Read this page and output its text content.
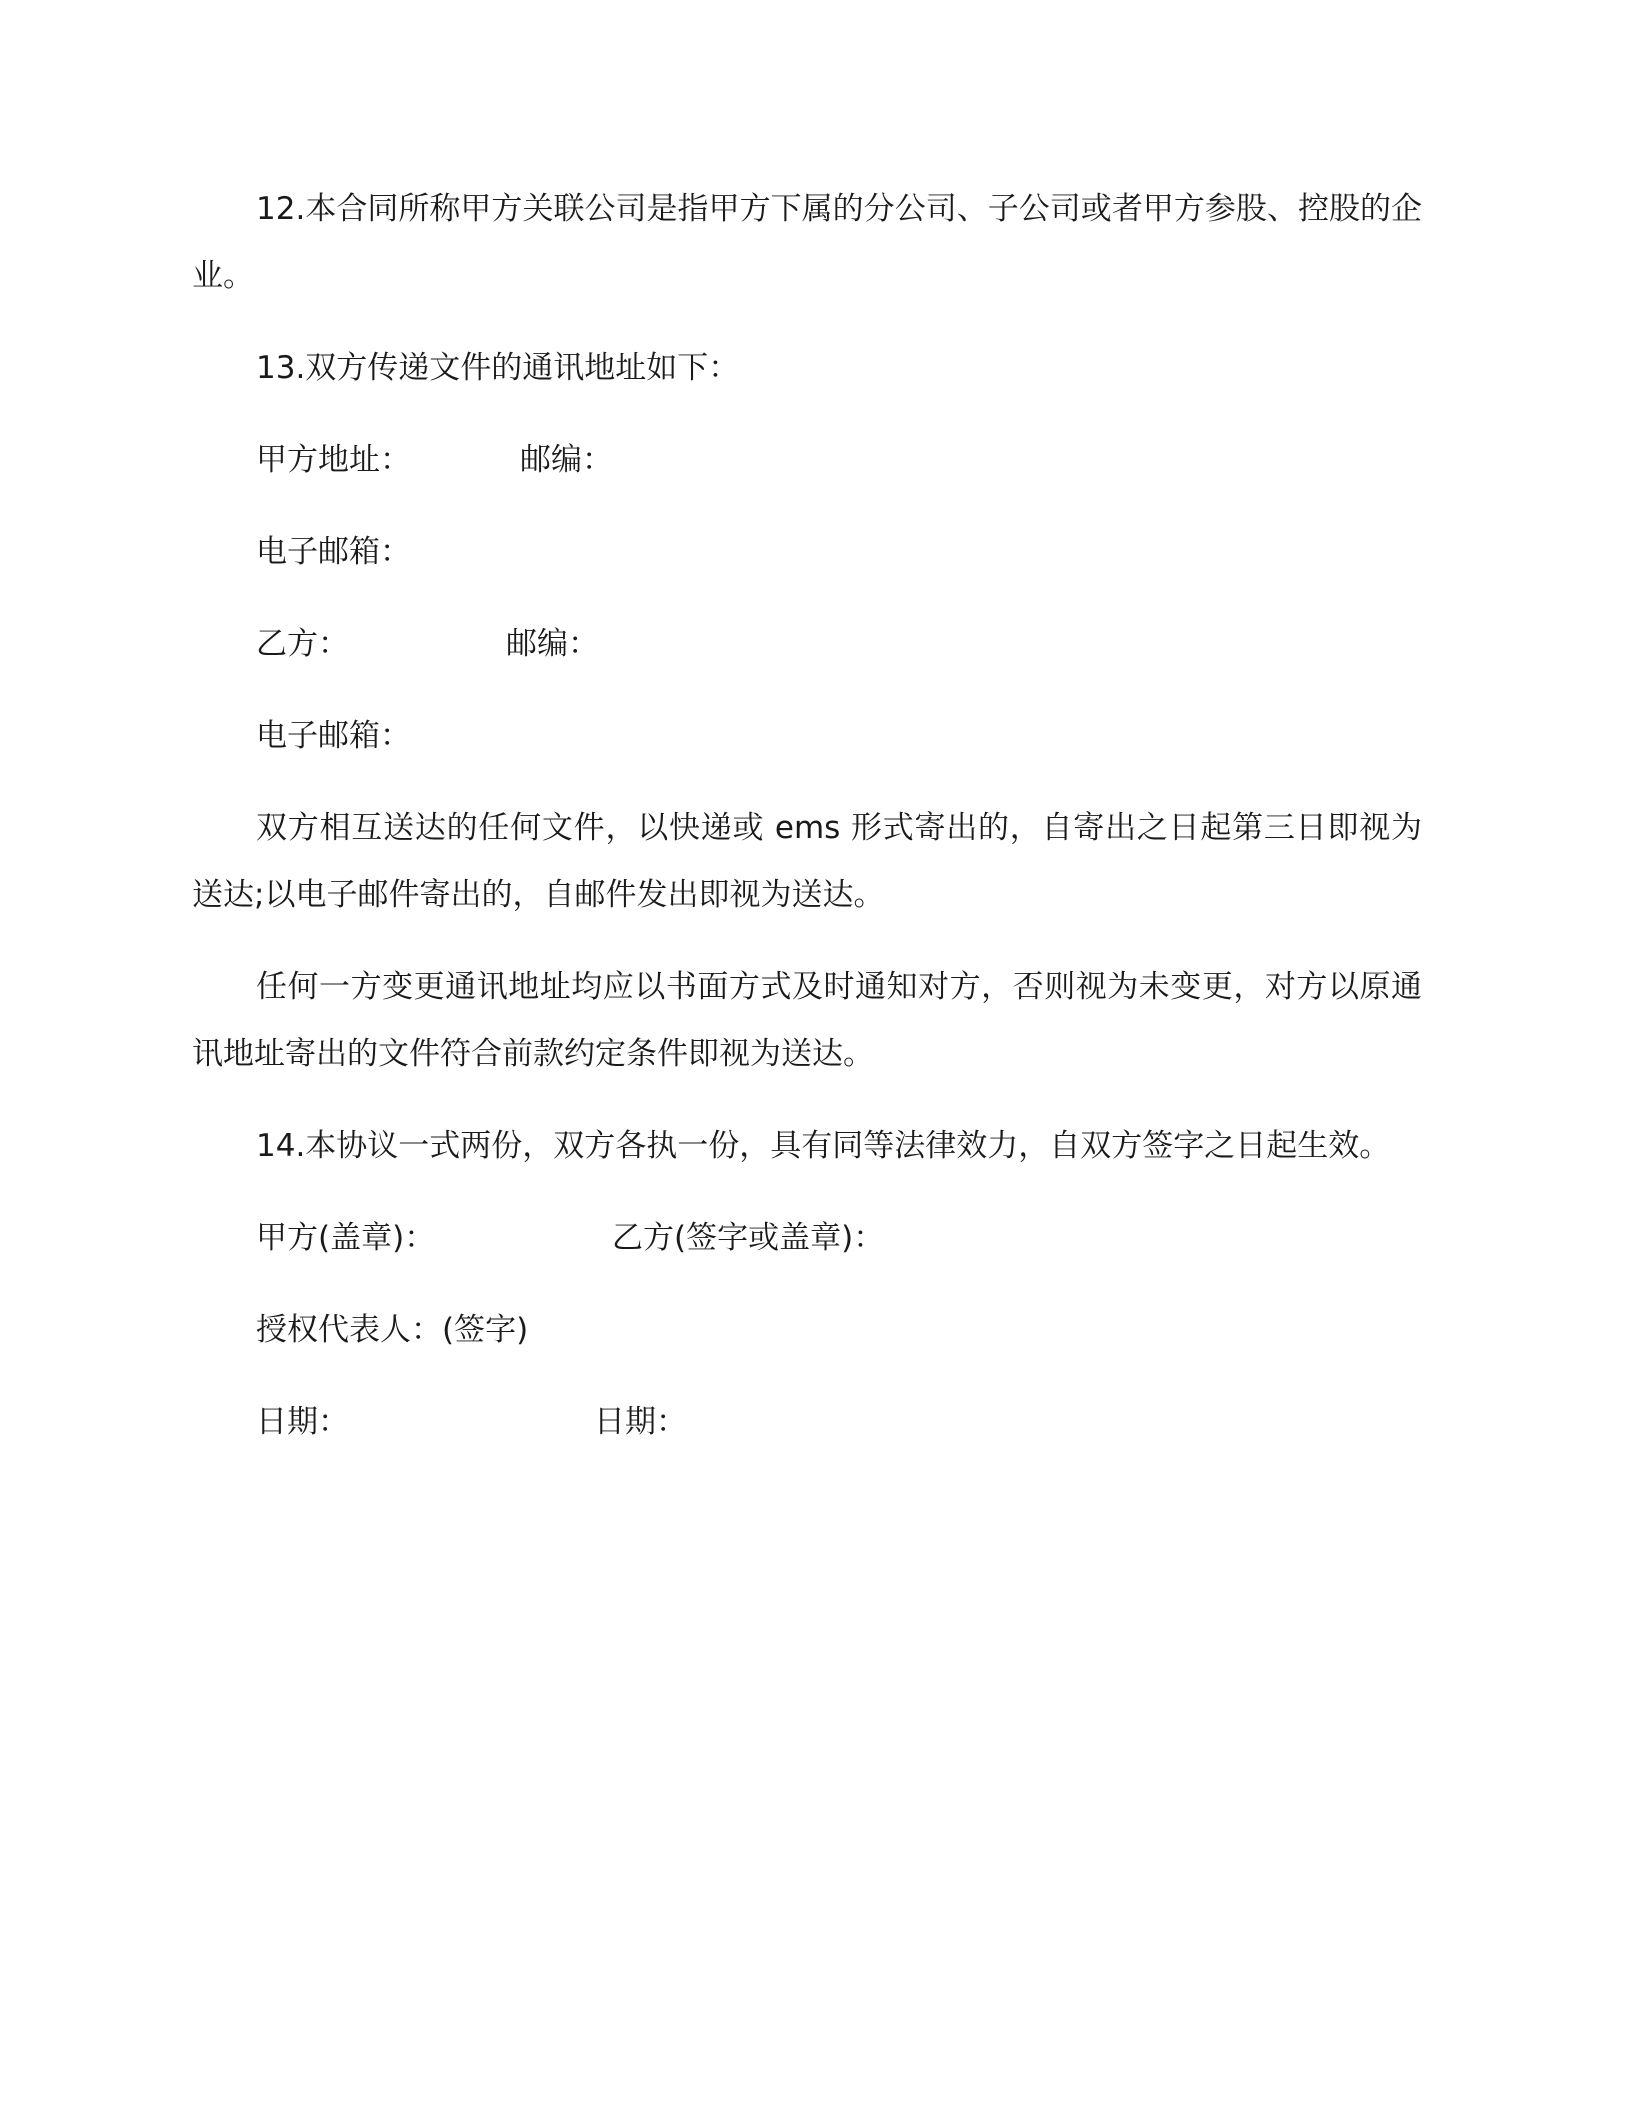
12.本合同所称甲方关联公司是指甲方下属的分公司、子公司或者甲方参股、控股的企业。

13.双方传递文件的通讯地址如下：
甲方地址：	邮编：
电子邮箱：
乙方：	邮编：
电子邮箱：

双方相互送达的任何文件，以快递或 ems 形式寄出的，自寄出之日起第三日即视为送达;以电子邮件寄出的，自邮件发出即视为送达。

任何一方变更通讯地址均应以书面方式及时通知对方，否则视为未变更，对方以原通讯地址寄出的文件符合前款约定条件即视为送达。

14.本协议一式两份，双方各执一份，具有同等法律效力，自双方签字之日起生效。
甲方(盖章)：	乙方(签字或盖章)：
授权代表人：(签字)
日期：	日期：
